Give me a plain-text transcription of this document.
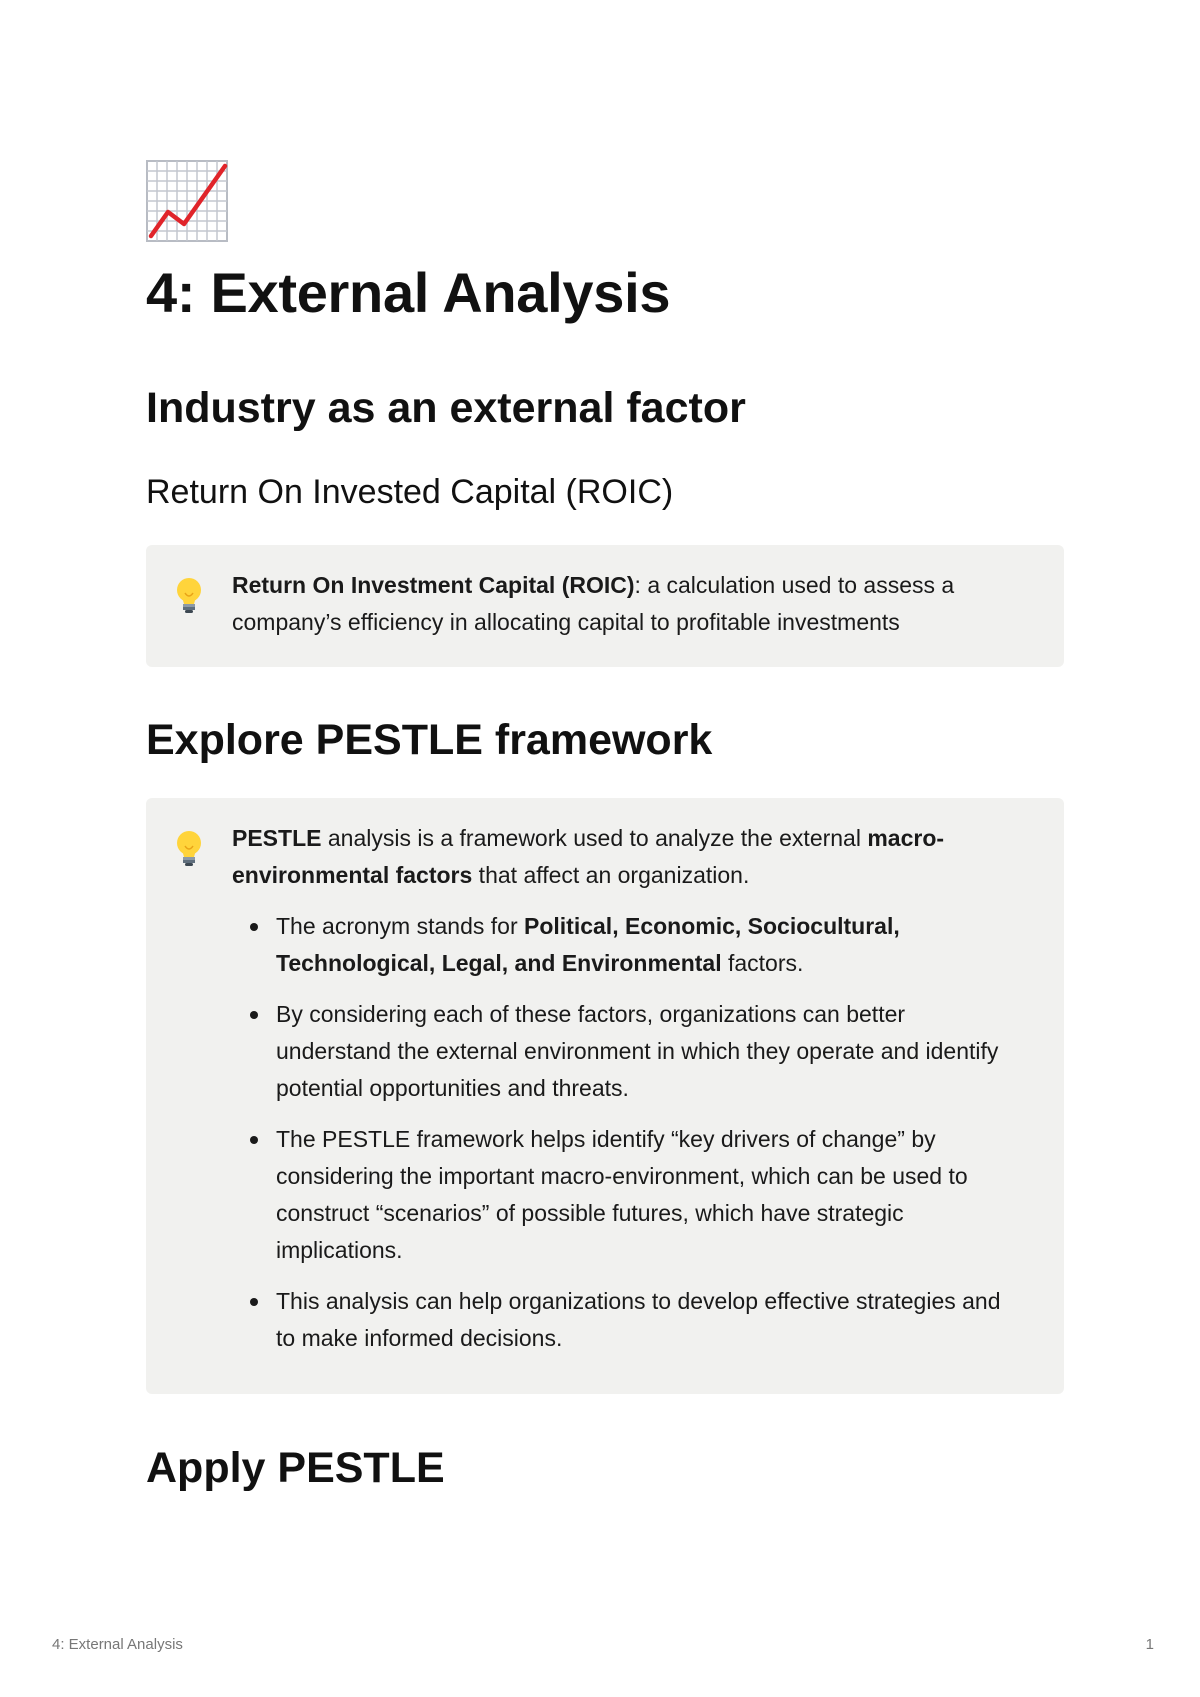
4: External Analysis
Industry as an external factor
Return On Invested Capital (ROIC)
Return On Investment Capital (ROIC): a calculation used to assess a company’s efficiency in allocating capital to profitable investments
Explore PESTLE framework
PESTLE analysis is a framework used to analyze the external macro-environmental factors that affect an organization.
The acronym stands for Political, Economic, Sociocultural, Technological, Legal, and Environmental factors.
By considering each of these factors, organizations can better understand the external environment in which they operate and identify potential opportunities and threats.
The PESTLE framework helps identify “key drivers of change” by considering the important macro-environment, which can be used to construct “scenarios” of possible futures, which have strategic implications.
This analysis can help organizations to develop effective strategies and to make informed decisions.
Apply PESTLE
4: External Analysis	1
